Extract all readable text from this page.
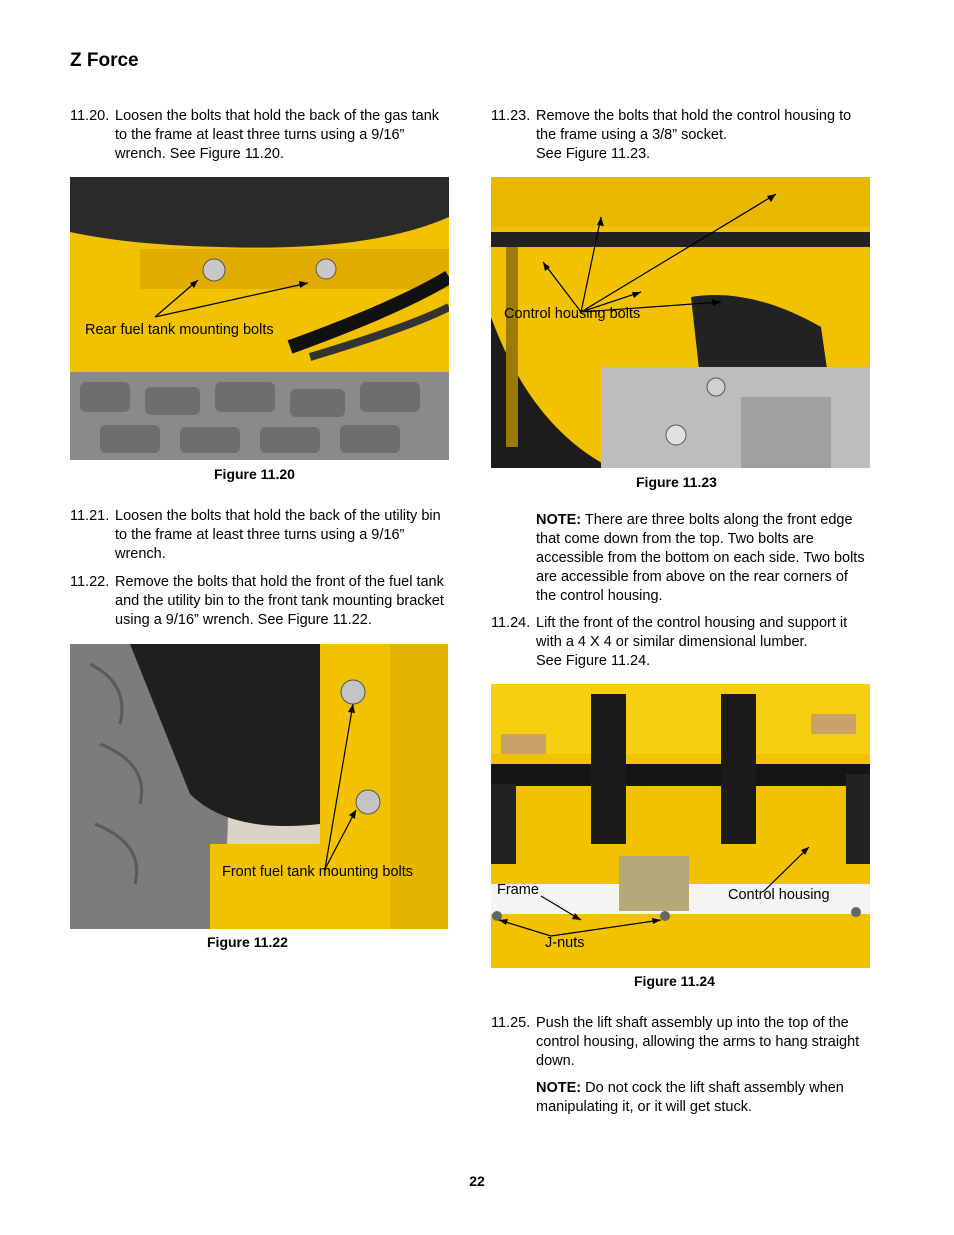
Z Force
11.20. Loosen the bolts that hold the back of the gas tank to the frame at least three turns using a 9/16” wrench. See Figure 11.20.
Rear fuel tank mounting bolts
Figure 11.20
11.21. Loosen the bolts that hold the back of the utility bin to the frame at least three turns using a 9/16” wrench.
11.22. Remove the bolts that hold the front of the fuel tank and the utility bin to the front tank mounting bracket using a 9/16” wrench. See Figure 11.22.
Front fuel tank mounting bolts
Figure 11.22
11.23. Remove the bolts that hold the control housing to the frame using a 3/8” socket.
See Figure 11.23.
Control housing bolts
Figure 11.23
NOTE: There are three bolts along the front edge that come down from the top. Two bolts are accessible from the bottom on each side. Two bolts are accessible from above on the rear corners of the control housing.
11.24. Lift the front of the control housing and support it with a 4 X 4 or similar dimensional lumber.
See Figure 11.24.
Frame	Control housing
J-nuts
Figure 11.24
11.25. Push the lift shaft assembly up into the top of the control housing, allowing the arms to hang straight down.
NOTE: Do not cock the lift shaft assembly when manipulating it, or it will get stuck.
22
